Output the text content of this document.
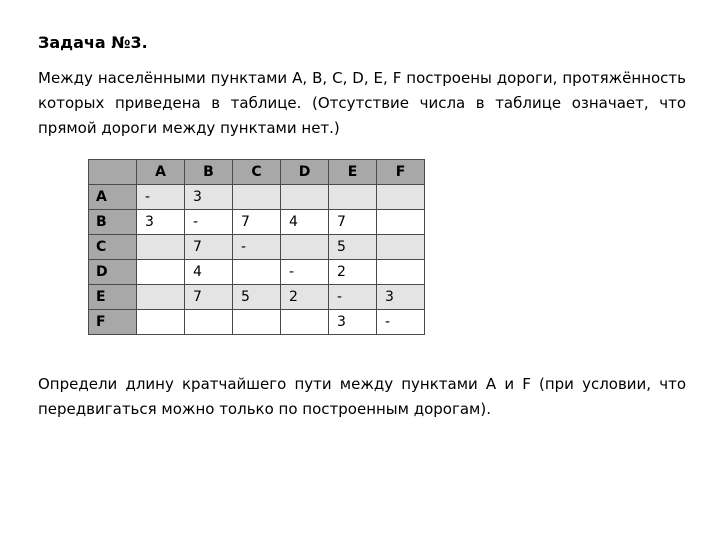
Задача №3.
Между населёнными пунктами A, B, C, D, E, F построены дороги, протяжённость которых приведена в таблице. (Отсутствие числа в таблице означает, что прямой дороги между пунктами нет.)
	A	B	C	D	E	F
A	-	3				
B	3	-	7	4	7	
C		7	-		5	
D		4		-	2	
E		7	5	2	-	3
F					3	-
Определи длину кратчайшего пути между пунктами A и F (при условии, что передвигаться можно только по построенным дорогам).
